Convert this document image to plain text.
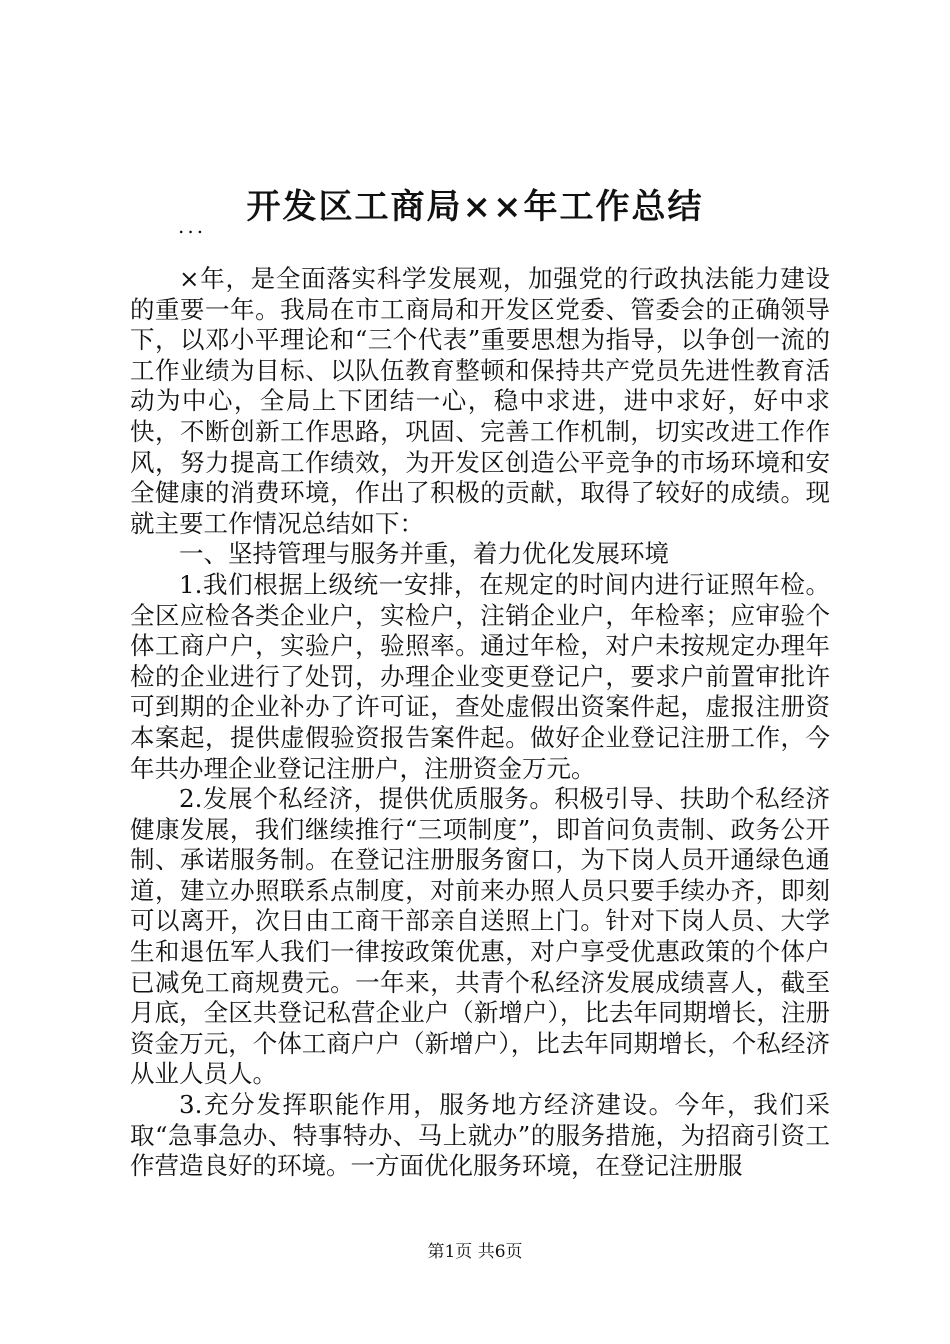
开发区工商局××年工作总结
...

×年，是全面落实科学发展观，加强党的行政执法能力建设的重要一年。我局在市工商局和开发区党委、管委会的正确领导下，以邓小平理论和“三个代表”重要思想为指导，以争创一流的工作业绩为目标、以队伍教育整顿和保持共产党员先进性教育活动为中心，全局上下团结一心，稳中求进，进中求好，好中求快，不断创新工作思路，巩固、完善工作机制，切实改进工作作风，努力提高工作绩效，为开发区创造公平竞争的市场环境和安全健康的消费环境，作出了积极的贡献，取得了较好的成绩。现就主要工作情况总结如下：

一、坚持管理与服务并重，着力优化发展环境

1.我们根据上级统一安排，在规定的时间内进行证照年检。全区应检各类企业户，实检户，注销企业户，年检率；应审验个体工商户户，实验户，验照率。通过年检，对户未按规定办理年检的企业进行了处罚，办理企业变更登记户，要求户前置审批许可到期的企业补办了许可证，查处虚假出资案件起，虚报注册资本案起，提供虚假验资报告案件起。做好企业登记注册工作，今年共办理企业登记注册户，注册资金万元。

2.发展个私经济，提供优质服务。积极引导、扶助个私经济健康发展，我们继续推行“三项制度”，即首问负责制、政务公开制、承诺服务制。在登记注册服务窗口，为下岗人员开通绿色通道，建立办照联系点制度，对前来办照人员只要手续办齐，即刻可以离开，次日由工商干部亲自送照上门。针对下岗人员、大学生和退伍军人我们一律按政策优惠，对户享受优惠政策的个体户已减免工商规费元。一年来，共青个私经济发展成绩喜人，截至月底，全区共登记私营企业户（新增户），比去年同期增长，注册资金万元，个体工商户户（新增户），比去年同期增长，个私经济从业人员人。

3.充分发挥职能作用，服务地方经济建设。今年，我们采取“急事急办、特事特办、马上就办”的服务措施，为招商引资工作营造良好的环境。一方面优化服务环境，在登记注册服

第1页 共6页
